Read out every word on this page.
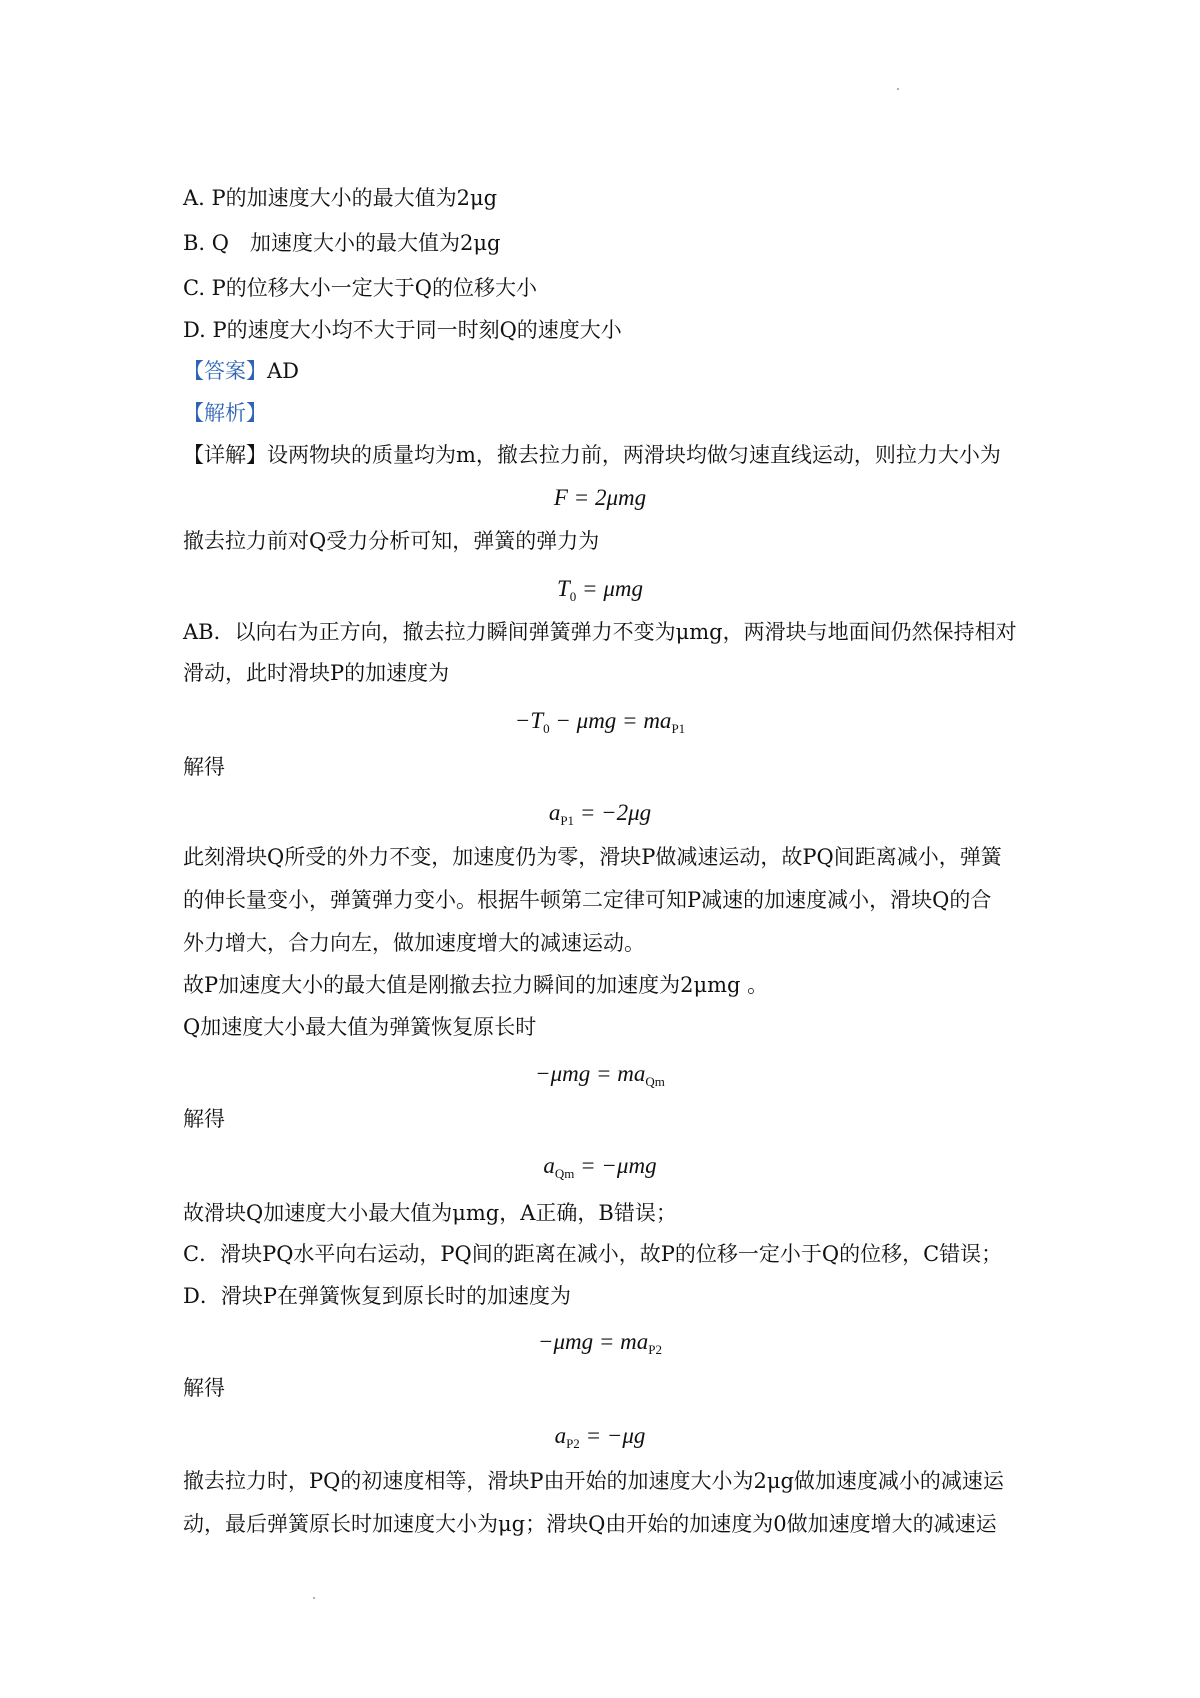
A. P的加速度大小的最大值为2μg
B. Q　加速度大小的最大值为2μg
C. P的位移大小一定大于Q的位移大小
D. P的速度大小均不大于同一时刻Q的速度大小
【答案】AD
【解析】
【详解】设两物块的质量均为m，撤去拉力前，两滑块均做匀速直线运动，则拉力大小为
F = 2μmg
撤去拉力前对Q受力分析可知，弹簧的弹力为
$T_0 = \mu mg$
AB．以向右为正方向，撤去拉力瞬间弹簧弹力不变为μmg，两滑块与地面间仍然保持相对
滑动，此时滑块P的加速度为
$-T_0 - \mu mg = ma_{P1}$
解得
$a_{P1} = -2\mu g$
此刻滑块Q所受的外力不变，加速度仍为零，滑块P做减速运动，故PQ间距离减小，弹簧
的伸长量变小，弹簧弹力变小。根据牛顿第二定律可知P减速的加速度减小，滑块Q的合
外力增大，合力向左，做加速度增大的减速运动。
故P加速度大小的最大值是刚撤去拉力瞬间的加速度为2μmg 。
Q加速度大小最大值为弹簧恢复原长时
$-\mu mg = ma_{Qm}$
解得
$a_{Qm} = -\mu mg$
故滑块Q加速度大小最大值为μmg，A正确，B错误；
C．滑块PQ水平向右运动，PQ间的距离在减小，故P的位移一定小于Q的位移，C错误；
D．滑块P在弹簧恢复到原长时的加速度为
$-\mu mg = ma_{P2}$
解得
$a_{P2} = -\mu g$
撤去拉力时，PQ的初速度相等，滑块P由开始的加速度大小为2μg做加速度减小的减速运
动，最后弹簧原长时加速度大小为μg；滑块Q由开始的加速度为0做加速度增大的减速运
